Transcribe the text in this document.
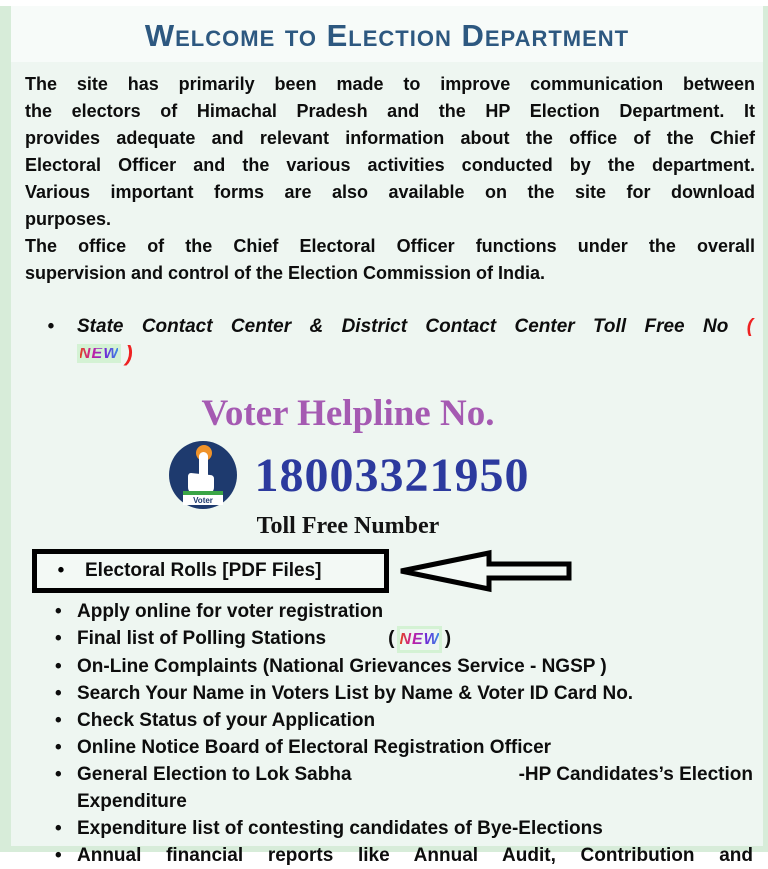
Welcome to Election Department
The site has primarily been made to improve communication between
the electors of Himachal Pradesh and the HP Election Department. It
provides adequate and relevant information about the office of the Chief
Electoral Officer and the various activities conducted by the department.
Various important forms are also available on the site for download
purposes.
The office of the Chief Electoral Officer functions under the overall
supervision and control of the Election Commission of India.
•	State Contact Center & District Contact Center Toll Free No (
NEW )
Voter Helpline No.
Voter 18003321950
Toll Free Number
•	Electoral Rolls [PDF Files]
• Apply online for voter registration
• Final list of Polling Stations	( NEW )
• On-Line Complaints (National Grievances Service - NGSP )
• Search Your Name in Voters List by Name & Voter ID Card No.
• Check Status of your Application
• Online Notice Board of Electoral Registration Officer
• General Election to Lok Sabha	-HP Candidates’s Election
Expenditure
• Expenditure list of contesting candidates of Bye-Elections
• Annual financial reports like Annual Audit, Contribution and
